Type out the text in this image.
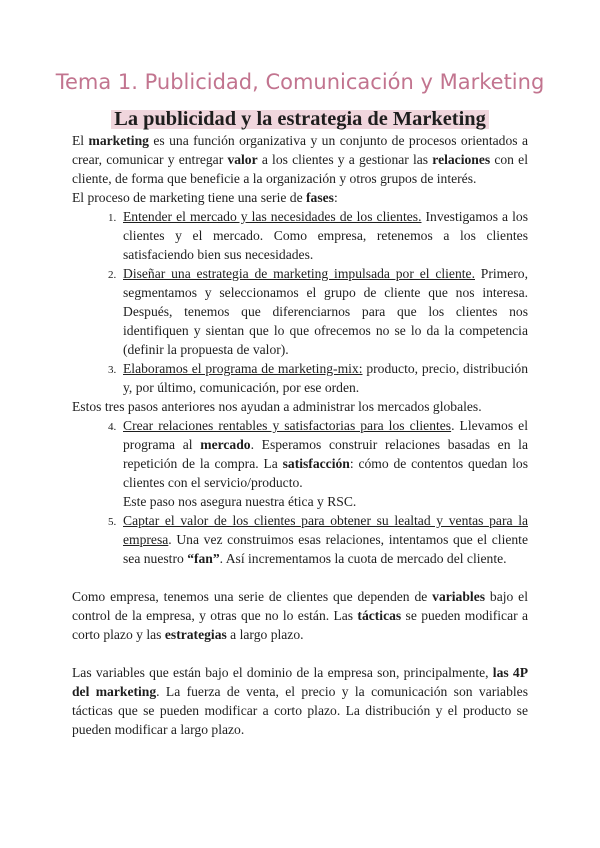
Tema 1. Publicidad, Comunicación y Marketing
La publicidad y la estrategia de Marketing

El marketing es una función organizativa y un conjunto de procesos orientados a crear, comunicar y entregar valor a los clientes y a gestionar las relaciones con el cliente, de forma que beneficie a la organización y otros grupos de interés.

El proceso de marketing tiene una serie de fases:

1. Entender el mercado y las necesidades de los clientes. Investigamos a los clientes y el mercado. Como empresa, retenemos a los clientes satisfaciendo bien sus necesidades.
2. Diseñar una estrategia de marketing impulsada por el cliente. Primero, segmentamos y seleccionamos el grupo de cliente que nos interesa. Después, tenemos que diferenciarnos para que los clientes nos identifiquen y sientan que lo que ofrecemos no se lo da la competencia (definir la propuesta de valor).
3. Elaboramos el programa de marketing-mix: producto, precio, distribución y, por último, comunicación, por ese orden.

Estos tres pasos anteriores nos ayudan a administrar los mercados globales.

4. Crear relaciones rentables y satisfactorias para los clientes. Llevamos el programa al mercado. Esperamos construir relaciones basadas en la repetición de la compra. La satisfacción: cómo de contentos quedan los clientes con el servicio/producto.
Este paso nos asegura nuestra ética y RSC.
5. Captar el valor de los clientes para obtener su lealtad y ventas para la empresa. Una vez construimos esas relaciones, intentamos que el cliente sea nuestro “fan”. Así incrementamos la cuota de mercado del cliente.

Como empresa, tenemos una serie de clientes que dependen de variables bajo el control de la empresa, y otras que no lo están. Las tácticas se pueden modificar a corto plazo y las estrategias a largo plazo.

Las variables que están bajo el dominio de la empresa son, principalmente, las 4P del marketing. La fuerza de venta, el precio y la comunicación son variables tácticas que se pueden modificar a corto plazo. La distribución y el producto se pueden modificar a largo plazo.
